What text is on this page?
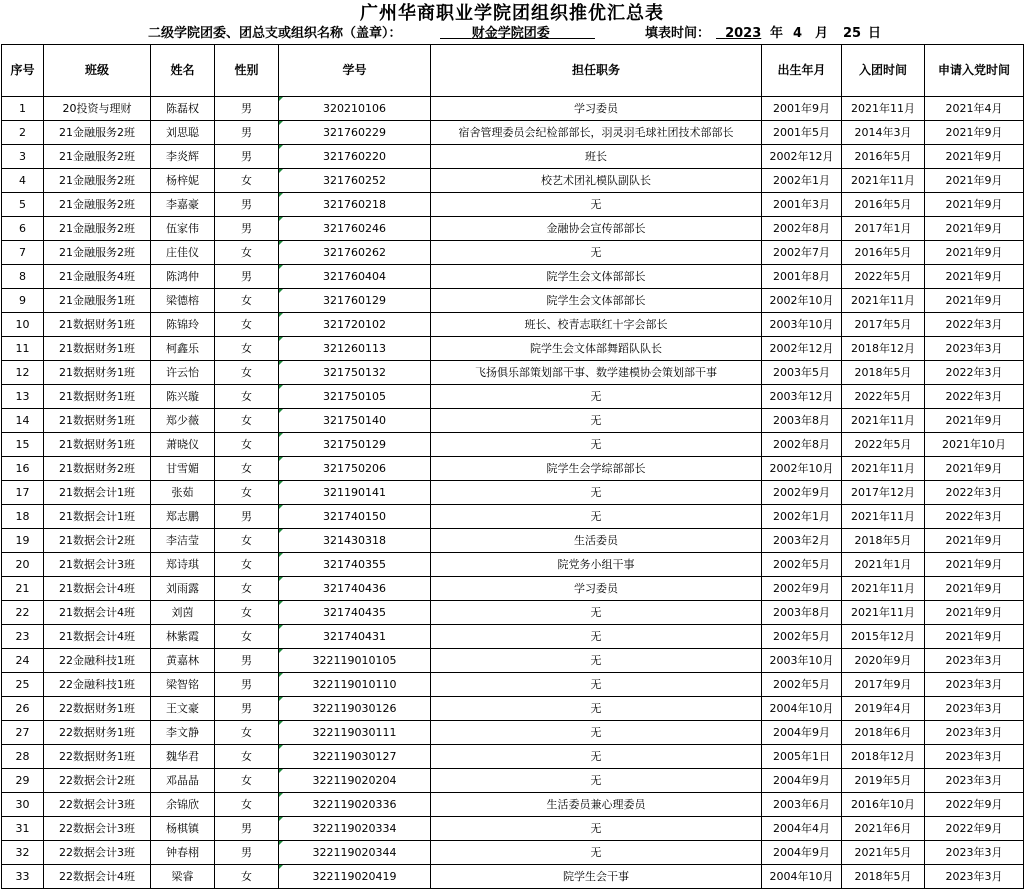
广州华商职业学院团组织推优汇总表
二级学院团委、团总支或组织名称（盖章）：	财金学院团委	填表时间：	2023 年 4 月 25 日
序号	班级	姓名	性别	学号	担任职务	出生年月	入团时间	申请入党时间
1	20投资与理财	陈磊权	男	320210106	学习委员	2001年9月	2021年11月	2021年4月
2	21金融服务2班	刘思聪	男	321760229	宿舍管理委员会纪检部部长，羽灵羽毛球社团技术部部长	2001年5月	2014年3月	2021年9月
3	21金融服务2班	李炎辉	男	321760220	班长	2002年12月	2016年5月	2021年9月
4	21金融服务2班	杨梓妮	女	321760252	校艺术团礼模队副队长	2002年1月	2021年11月	2021年9月
5	21金融服务2班	李嘉豪	男	321760218	无	2001年3月	2016年5月	2021年9月
6	21金融服务2班	伍家伟	男	321760246	金融协会宣传部部长	2002年8月	2017年1月	2021年9月
7	21金融服务2班	庄佳仪	女	321760262	无	2002年7月	2016年5月	2021年9月
8	21金融服务4班	陈鸿仲	男	321760404	院学生会文体部部长	2001年8月	2022年5月	2021年9月
9	21金融服务1班	梁德榕	女	321760129	院学生会文体部部长	2002年10月	2021年11月	2021年9月
10	21数据财务1班	陈锦玲	女	321720102	班长、校青志联红十字会部长	2003年10月	2017年5月	2022年3月
11	21数据财务1班	柯鑫乐	女	321260113	院学生会文体部舞蹈队队长	2002年12月	2018年12月	2023年3月
12	21数据财务1班	许云怡	女	321750132	飞扬俱乐部策划部干事、数学建模协会策划部干事	2003年5月	2018年5月	2022年3月
13	21数据财务1班	陈兴璇	女	321750105	无	2003年12月	2022年5月	2022年3月
14	21数据财务1班	郑少薇	女	321750140	无	2003年8月	2021年11月	2021年9月
15	21数据财务1班	萧晓仪	女	321750129	无	2002年8月	2022年5月	2021年10月
16	21数据财务2班	甘雪媚	女	321750206	院学生会学综部部长	2002年10月	2021年11月	2021年9月
17	21数据会计1班	张茹	女	321190141	无	2002年9月	2017年12月	2022年3月
18	21数据会计1班	郑志鹏	男	321740150	无	2002年1月	2021年11月	2022年3月
19	21数据会计2班	李洁莹	女	321430318	生活委员	2003年2月	2018年5月	2021年9月
20	21数据会计3班	郑诗琪	女	321740355	院党务小组干事	2002年5月	2021年1月	2021年9月
21	21数据会计4班	刘雨露	女	321740436	学习委员	2002年9月	2021年11月	2021年9月
22	21数据会计4班	刘茵	女	321740435	无	2003年8月	2021年11月	2021年9月
23	21数据会计4班	林紫霞	女	321740431	无	2002年5月	2015年12月	2021年9月
24	22金融科技1班	黄嘉林	男	322119010105	无	2003年10月	2020年9月	2023年3月
25	22金融科技1班	梁智铭	男	322119010110	无	2002年5月	2017年9月	2023年3月
26	22数据财务1班	王文豪	男	322119030126	无	2004年10月	2019年4月	2023年3月
27	22数据财务1班	李文静	女	322119030111	无	2004年9月	2018年6月	2023年3月
28	22数据财务1班	魏华君	女	322119030127	无	2005年1日	2018年12月	2023年3月
29	22数据会计2班	邓晶晶	女	322119020204	无	2004年9月	2019年5月	2023年3月
30	22数据会计3班	余锦欣	女	322119020336	生活委员兼心理委员	2003年6月	2016年10月	2022年9月
31	22数据会计3班	杨棋镇	男	322119020334	无	2004年4月	2021年6月	2022年9月
32	22数据会计3班	钟春栩	男	322119020344	无	2004年9月	2021年5月	2023年3月
33	22数据会计4班	梁睿	女	322119020419	院学生会干事	2004年10月	2018年5月	2023年3月
